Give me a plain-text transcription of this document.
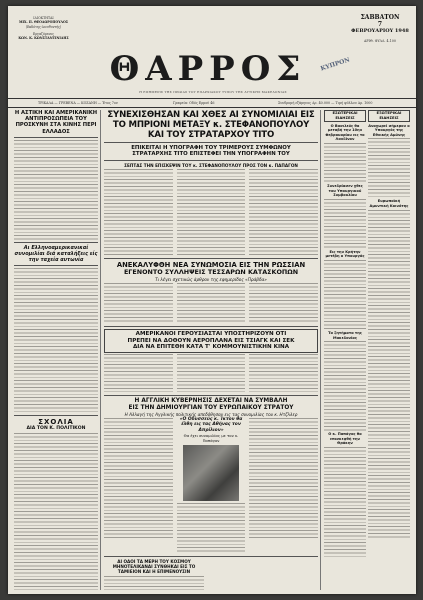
ΙΔΙΟΚΤΗΤΑΙ
ΜΙΧ. Π. ΘΕΟΔΩΡΟΠΟΥΛΟΣ
(Εκδότης-Διευθυντής)
Εργαζόμενος
ΚΩΝ. Κ. ΚΩΝΣΤΑΝΤΙΝΙΔΗΣ
ΘΑΡΡΟΣ	ΚΥΠΡΟΝ
ΣΑΒΒΑΤΟΝ
7
ΦΕΒΡΟΥΑΡΙΟΥ 1948
ΑΡΙΘ. ΦΥΛΛ. 4.100
Η ΕΦΗΜΕΡΙΣ ΤΗΣ ΠΡΩΙΑΣ ΤΟΥ ΕΠΑΡΧΙΑΚΟΥ ΤΥΠΟΥ ΤΗΣ ΔΥΤΙΚΗΣ ΜΑΚΕΔΟΝΙΑΣ
ΤΡΙΚΑΛΑ — ΓΡΕΒΕΝΑ — ΚΟΖΑΝΗ — Έτος 7ον	Γραφεία: Οδός Ερμού 46	Συνδρομή εξάμηνος Δρ. 40.000 — Τιμή φύλλου Δρ. 1000
Η ΑΣΤΙΚΗ ΚΑΙ ΑΜΕΡΙΚΑΝΙΚΗ ΑΝΤΙΠΡΟΣΩΠΕΙΑ ΤΟΥ ΠΡΟΣΚΥΝΗ ΣΤΑ ΚΙΝΗΣ ΠΕΡΙ ΕΛΛΑΔΟΣ
Αι Ελληνοαμερικανικαί συνομιλίαι διά καταλήξεις είς την ταχεία αυτωνία
ΣΧΟΛΙΑ
ΔΙΑ ΤΟΝ Κ. ΠΟΛΙΤΙΚΟΝ
ΣΥΝΕΧΙΣΘΗΣΑΝ ΚΑΙ ΧΘΕΣ ΑΙ ΣΥΝΟΜΙΛΙΑΙ ΕΙΣ ΤΟ ΜΠΡΙΟΝΙ ΜΕΤΑΞΥ κ. ΣΤΕΦΑΝΟΠΟΥΛΟΥ ΚΑΙ ΤΟΥ ΣΤΡΑΤΑΡΧΟΥ ΤΙΤΟ
ΕΠΙΚΕΙΤΑΙ Η ΥΠΟΓΡΑΦΗ ΤΟΥ ΤΡΙΜΕΡΟΥΣ ΣΥΜΦΩΝΟΥ
ΣΤΡΑΤΑΡΧΗΣ ΤΙΤΟ ΕΠΙΣΤΕΦΕΙ ΤΗΝ ΥΠΟΓΡΑΦΗΝ ΤΟΥ
ΣΕΠΤΑΣ ΤΗΝ ΕΠΙΣΚΕΨΙΝ ΤΟΥ κ. ΣΤΕΦΑΝΟΠΟΥΛΟΥ ΠΡΟΣ ΤΟΝ κ. ΠΑΠΑΓΟΝ
ΑΝΕΚΑΛΥΦΘΗ ΝΕΑ ΣΥΝΩΜΟΣΙΑ ΕΙΣ ΤΗΝ ΡΩΣΣΙΑΝ
ΕΓΕΝΟΝΤΟ ΣΥΛΛΗΨΕΙΣ ΤΕΣΣΑΡΩΝ ΚΑΤΑΣΚΟΠΩΝ
Τι λέγει σχετικώς άρθρον της εφημερίδος «Πράβδα»
ΑΜΕΡΙΚΑΝΟΙ ΓΕΡΟΥΣΙΑΣΤΑΙ ΥΠΟΣΤΗΡΙΖΟΥΝ ΟΤΙ
ΠΡΕΠΕΙ ΝΑ ΔΟΘΟΥΝ ΑΕΡΟΠΛΑΝΑ ΕΙΣ ΤΣΙΑΓΚ ΚΑΙ ΣΕΚ
ΔΙΑ ΝΑ ΕΠΙΤΕΘΗ ΚΑΤΑ Τ' ΚΟΜΜΟΥΝΙΣΤΙΚΗΝ ΚΙΝΑ
Η ΑΓΓΛΙΚΗ ΚΥΒΕΡΝΗΣΙΣ ΔΕΧΕΤΑΙ ΝΑ ΣΥΜΒΑΛΗ
ΕΙΣ ΤΗΝ ΔΗΜΙΟΥΡΓΙΑΝ ΤΟΥ ΕΥΡΩΠΑΙΚΟΥ ΣΤΡΑΤΟΥ
Η Αλλαγή της Αγγλικής πολιτικής απεδόθησαν εις τας συνομιλίας του κ. Ητζλλερ
«Ο Οδυσσεύς κ. Ίκτον θα έλθη εις τας Αθήνας τον Απρίλιον»
Θα έχει συνομιλίας με τον κ. Παπάγον
ΑΙ ΟΔΟΙ ΤΑ ΜΕΡΗ ΤΟΥ ΚΟΣΜΟΥ ΜΗΝΟΤΕΛΙΚΑΝΑΙ ΣΥΝΘΗΚΑΙ ΕΙΣ ΤΟ ΤΑΜΙΕΙΟΝ ΚΑΙ Η ΕΠΙΜΕΝΟΥΣΙΝ
ΕΣΩΤΕΡΙΚΑΙ ΕΙΔΗΣΕΙΣ
Ο Βασιλεύς θα μεταβή την 10ην Φεβρουαρίου εις το Λονδίνον
Συνεδρίασεν χθες του Υπουργικού Συμβουλίου
Εις την Κρήτην μετέβη ο Υπουργός
Τα ζητήματα της Μακεδονίας
Ο κ. Παπάγος θα επισκεφθή την Θράκην
ΕΞΩΤΕΡΙΚΑΙ ΕΙΔΗΣΕΙΣ
Αναχωρεί σήμερον ο Υπουργός της Εθνικής Αμύνης
Ευρωπαϊκή Αμυντική Κοινότης
